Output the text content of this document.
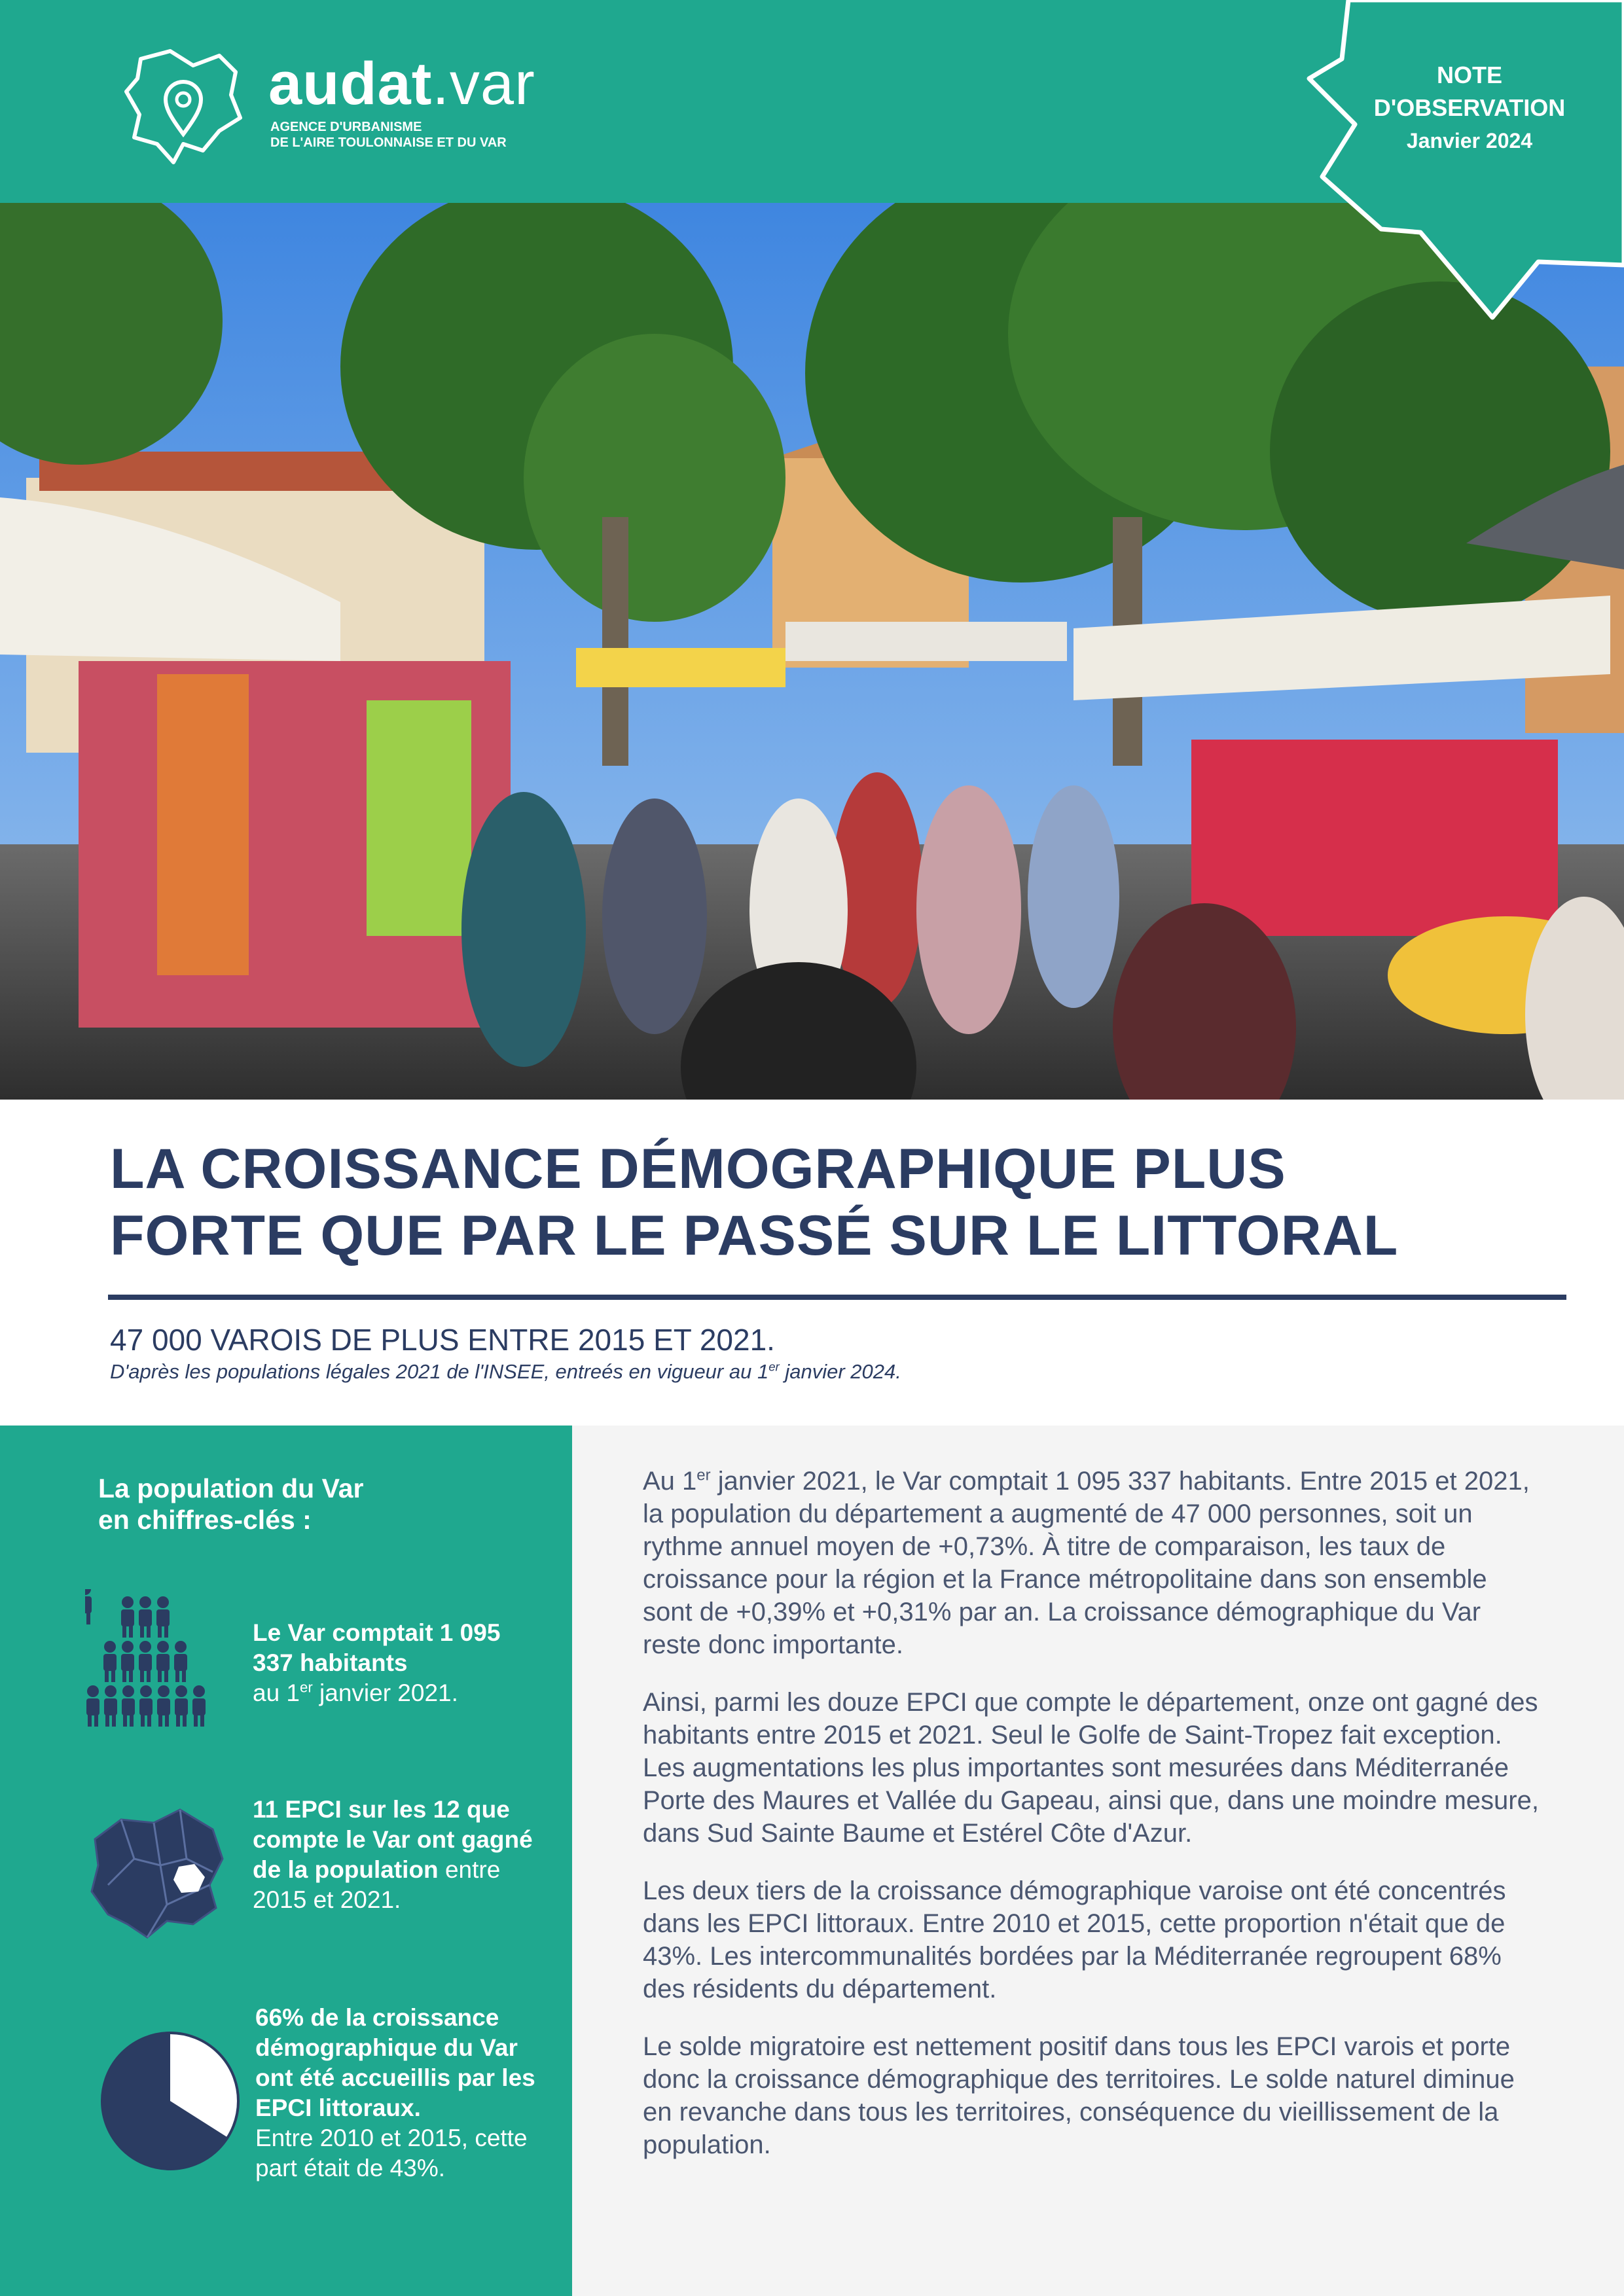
audat.var
AGENCE D'URBANISME
DE L'AIRE TOULONNAISE ET DU VAR
NOTE
D'OBSERVATION
Janvier 2024
LA CROISSANCE DÉMOGRAPHIQUE PLUS
FORTE QUE PAR LE PASSÉ SUR LE LITTORAL
47 000 VAROIS DE PLUS ENTRE 2015 ET 2021.
D'après les populations légales 2021 de l'INSEE, entreés en vigueur au 1er janvier 2024.
La population du Var
en chiffres-clés :
Le Var comptait 1 095 337 habitants
au 1er janvier 2021.
11 EPCI sur les 12 que compte le Var ont gagné de la population entre 2015 et 2021.
66% de la croissance démographique du Var ont été accueillis par les EPCI littoraux.
Entre 2010 et 2015, cette part était de 43%.

Au 1er janvier 2021, le Var comptait 1 095 337 habitants. Entre 2015 et 2021, la population du département a augmenté de 47 000 personnes, soit un rythme annuel moyen de +0,73%. À titre de comparaison, les taux de croissance pour la région et la France métropolitaine dans son ensemble sont de +0,39% et +0,31% par an. La croissance démographique du Var reste donc importante.

Ainsi, parmi les douze EPCI que compte le département, onze ont gagné des habitants entre 2015 et 2021. Seul le Golfe de Saint-Tropez fait exception. Les augmentations les plus importantes sont mesurées dans Méditerranée Porte des Maures et Vallée du Gapeau, ainsi que, dans une moindre mesure, dans Sud Sainte Baume et Estérel Côte d'Azur.

Les deux tiers de la croissance démographique varoise ont été concentrés dans les EPCI littoraux. Entre 2010 et 2015, cette proportion n'était que de 43%. Les intercommunalités bordées par la Méditerranée regroupent 68% des résidents du département.

Le solde migratoire est nettement positif dans tous les EPCI varois et porte donc la croissance démographique des territoires. Le solde naturel diminue en revanche dans tous les territoires, conséquence du vieillissement de la population.
